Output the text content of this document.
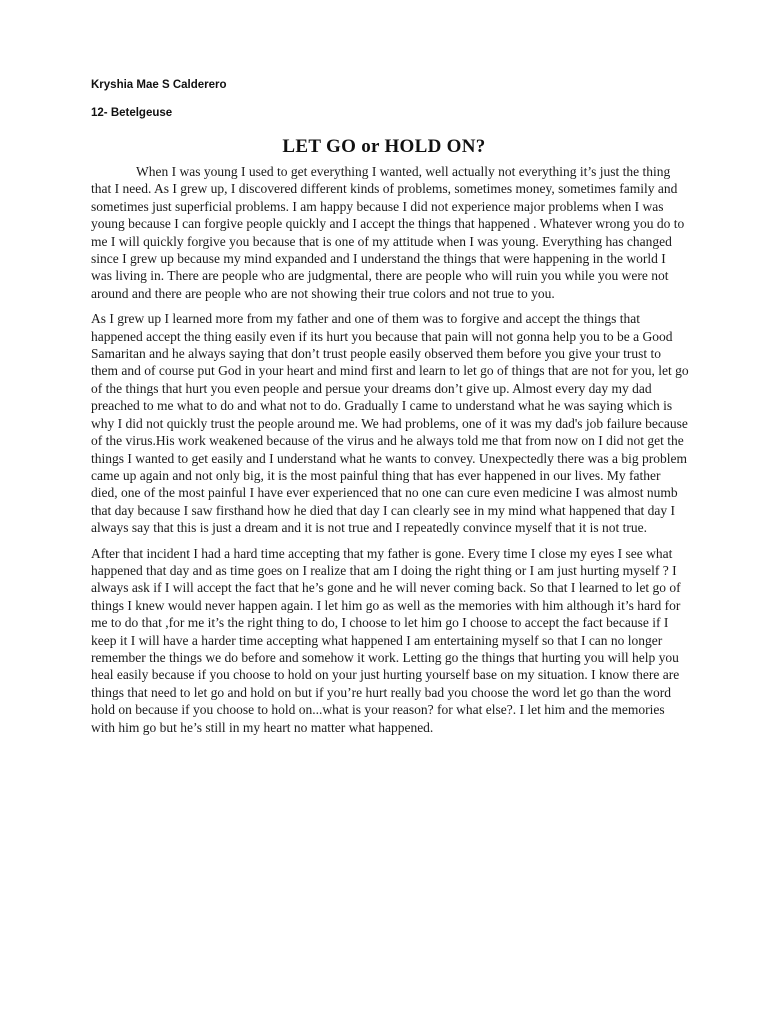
Kryshia Mae S Calderero

12- Betelgeuse

LET GO or HOLD ON?

When I was young I used to get everything I wanted, well actually not everything it’s just the thing that I need. As I grew up, I discovered different kinds of problems, sometimes money, sometimes family and sometimes just superficial problems. I am happy because I did not experience major problems when I was young because I can forgive people quickly and I accept the things that happened . Whatever wrong you do to me I will quickly forgive you because that is one of my attitude when I was young. Everything has changed since I grew up because my mind expanded and I understand the things that were happening in the world I was living in. There are people who are judgmental, there are people who will ruin you while you were not around and there are people who are not showing their true colors and not true to you.

As I grew up I learned more from my father and one of them was to forgive and accept the things that happened accept the thing easily even if its hurt you because that pain will not gonna help you to be a Good Samaritan and he always saying that don’t trust people easily observed them before you give your trust to them and of course put God in your heart and mind first and learn to let go of things that are not for you, let go of the things that hurt you even people and persue your dreams don’t give up. Almost every day my dad preached to me what to do and what not to do. Gradually I came to understand what he was saying which is why I did not quickly trust the people around me. We had problems, one of it was my dad's job failure because of the virus.His work weakened because of the virus and he always told me that from now on I did not get the things I wanted to get easily and I understand what he wants to convey. Unexpectedly there was a big problem came up again and not only big, it is the most painful thing that has ever happened in our lives. My father died, one of the most painful I have ever experienced that no one can cure even medicine I was almost numb that day because I saw firsthand how he died that day I can clearly see in my mind what happened that day I always say that this is just a dream and it is not true and I repeatedly convince myself that it is not true.

After that incident I had a hard time accepting that my father is gone. Every time I close my eyes I see what happened that day and as time goes on I realize that am I doing the right thing or I am just hurting myself ? I always ask if I will accept the fact that he’s gone and he will never coming back. So that I learned to let go of things I knew would never happen again. I let him go as well as the memories with him although it’s hard for me to do that ,for me it’s the right thing to do, I choose to let him go I choose to accept the fact because if I keep it I will have a harder time accepting what happened I am entertaining myself so that I can no longer remember the things we do before and somehow it work. Letting go the things that hurting you will help you heal easily because if you choose to hold on your just hurting yourself base on my situation. I know there are things that need to let go and hold on but if you’re hurt really bad you choose the word let go than the word hold on because if you choose to hold on...what is your reason? for what else?. I let him and the memories with him go but he’s still in my heart no matter what happened.
